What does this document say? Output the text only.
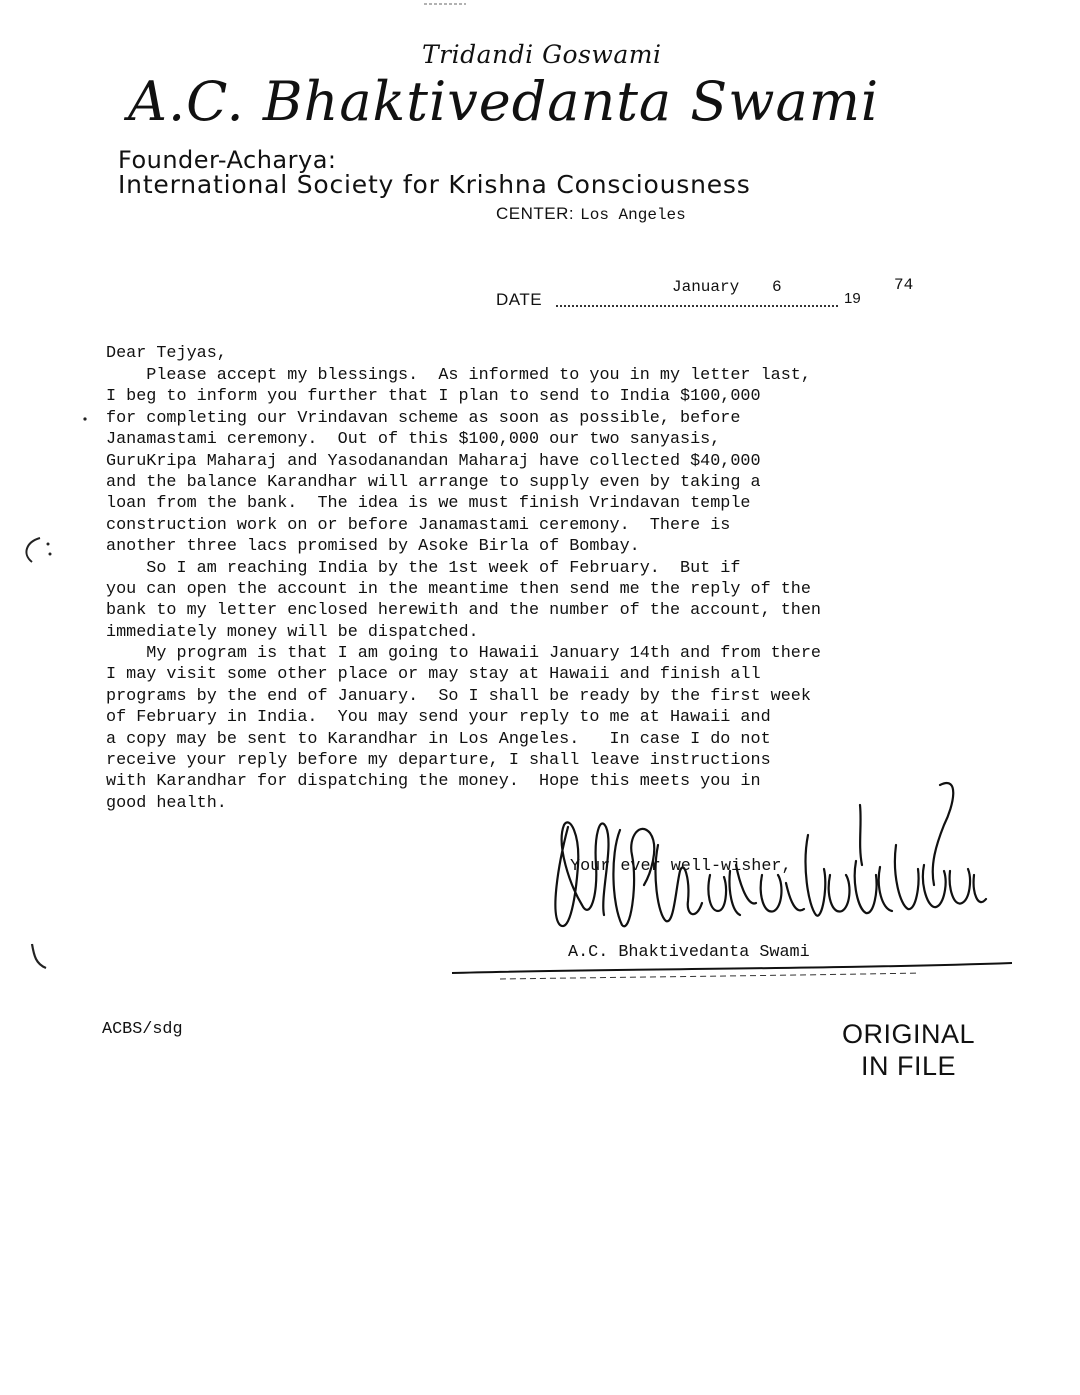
Tridandi Goswami
A.C. Bhaktivedanta Swami
Founder-Acharya:
International Society for Krishna Consciousness
CENTER: Los Angeles
DATE
January 6
19
74
Dear Tejyas,
Please accept my blessings.  As informed to you in my letter last,
I beg to inform you further that I plan to send to India $100,000
for completing our Vrindavan scheme as soon as possible, before
Janamastami ceremony.  Out of this $100,000 our two sanyasis,
GuruKripa Maharaj and Yasodanandan Maharaj have collected $40,000
and the balance Karandhar will arrange to supply even by taking a
loan from the bank.  The idea is we must finish Vrindavan temple
construction work on or before Janamastami ceremony.  There is
another three lacs promised by Asoke Birla of Bombay.
So I am reaching India by the 1st week of February.  But if
you can open the account in the meantime then send me the reply of the
bank to my letter enclosed herewith and the number of the account, then
immediately money will be dispatched.
My program is that I am going to Hawaii January 14th and from there
I may visit some other place or may stay at Hawaii and finish all
programs by the end of January.  So I shall be ready by the first week
of February in India.  You may send your reply to me at Hawaii and
a copy may be sent to Karandhar in Los Angeles.   In case I do not
receive your reply before my departure, I shall leave instructions
with Karandhar for dispatching the money.  Hope this meets you in
good health.
Your ever well-wisher,
A.C. Bhaktivedanta Swami
ACBS/sdg	ORIGINAL
IN FILE
